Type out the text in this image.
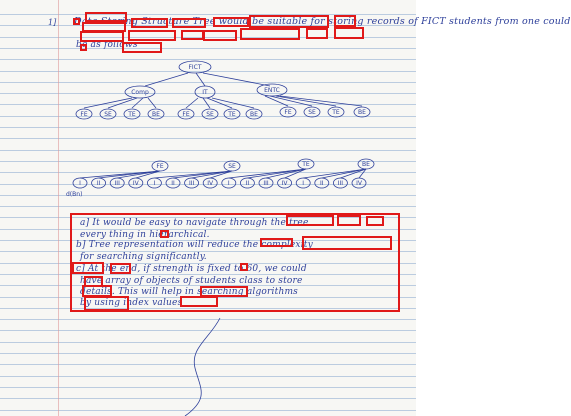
1] Data Storing Structure Tree would be suitable for storing records of FICT students from one could
be as follows
FICT
Comp	IT	ENTC
FE	SE	TE	BE	FE	SE TE BE	FE	SE	TE	BE
FE	SE	TE	BE
I	II III IV I	II III IV I	II III IV I	II III IV
d(Bn)
a] It would be easy to navigate through the tree
every thing in hierarchical.
b] Tree representation will reduce the complexity
for searching significantly.
c] At the end, if strength is fixed to 60, we could
have array of objects of students class to store
details. This will help in searching algorithms
by using index values
